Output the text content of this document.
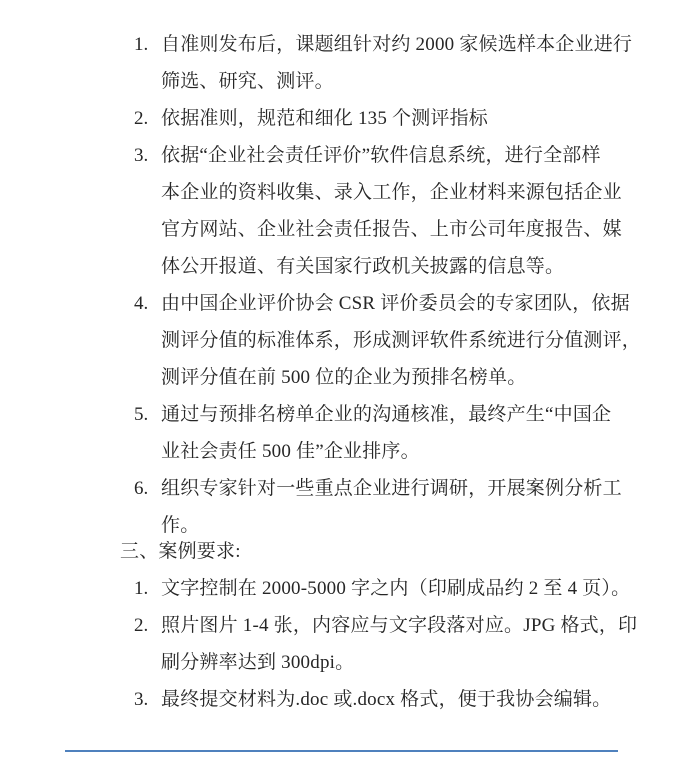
1. 自准则发布后，课题组针对约 2000 家候选样本企业进行
筛选、研究、测评。
2. 依据准则，规范和细化 135 个测评指标
3. 依据“企业社会责任评价”软件信息系统，进行全部样
本企业的资料收集、录入工作，企业材料来源包括企业
官方网站、企业社会责任报告、上市公司年度报告、媒
体公开报道、有关国家行政机关披露的信息等。
4. 由中国企业评价协会 CSR 评价委员会的专家团队，依据
测评分值的标准体系，形成测评软件系统进行分值测评，
测评分值在前 500 位的企业为预排名榜单。
5. 通过与预排名榜单企业的沟通核准，最终产生“中国企
业社会责任 500 佳”企业排序。
6. 组织专家针对一些重点企业进行调研，开展案例分析工
作。
三、案例要求:
1. 文字控制在 2000-5000 字之内（印刷成品约 2 至 4 页）。
2. 照片图片 1-4 张，内容应与文字段落对应。JPG 格式，印
刷分辨率达到 300dpi。
3. 最终提交材料为.doc 或.docx 格式，便于我协会编辑。
